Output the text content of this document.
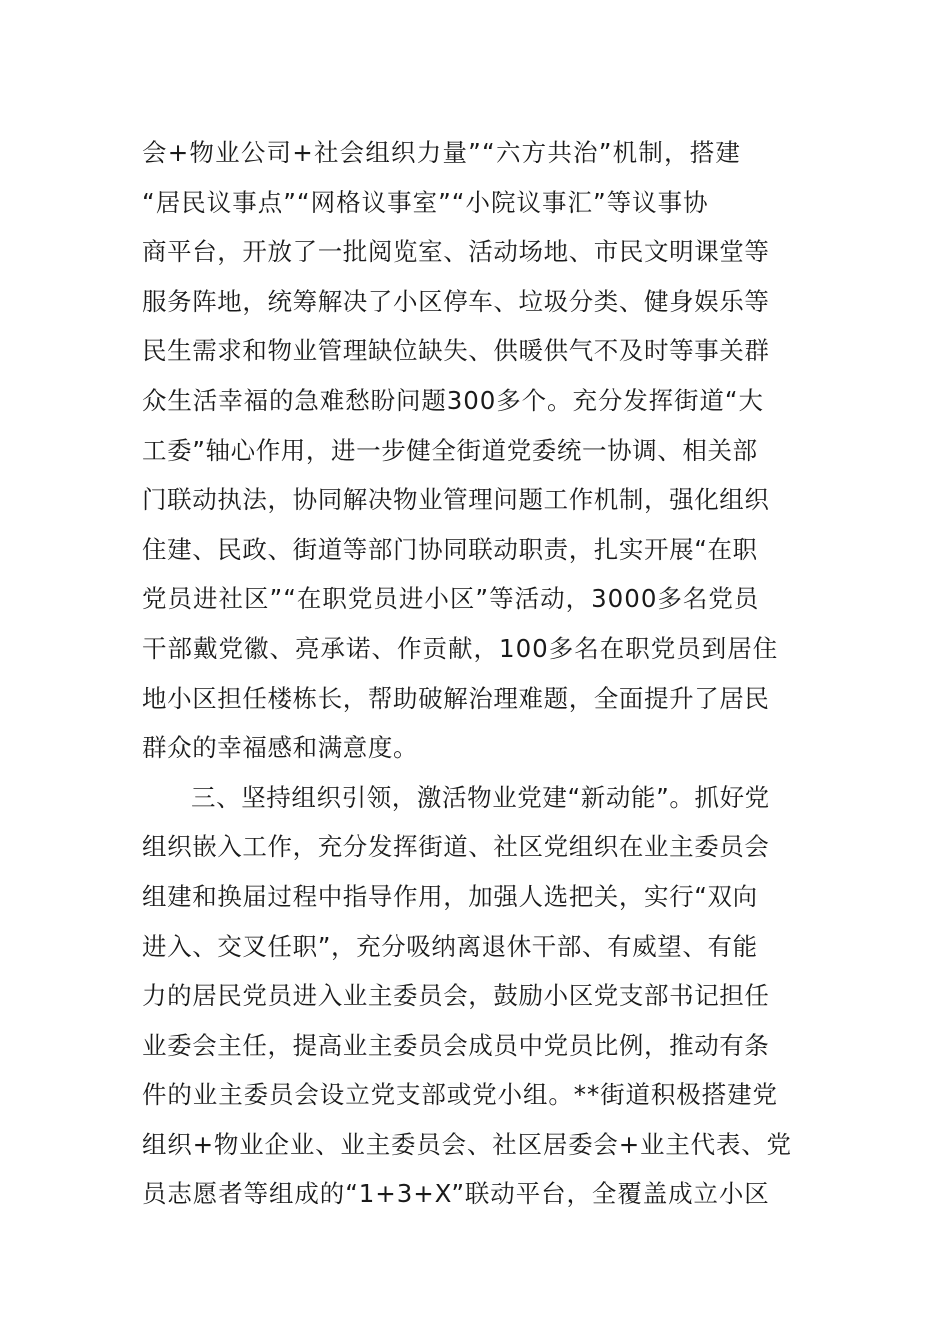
会+物业公司+社会组织力量”“六方共治”机制，搭建
“居民议事点”“网格议事室”“小院议事汇”等议事协
商平台，开放了一批阅览室、活动场地、市民文明课堂等
服务阵地，统筹解决了小区停车、垃圾分类、健身娱乐等
民生需求和物业管理缺位缺失、供暖供气不及时等事关群
众生活幸福的急难愁盼问题300多个。充分发挥街道“大
工委”轴心作用，进一步健全街道党委统一协调、相关部
门联动执法，协同解决物业管理问题工作机制，强化组织
住建、民政、街道等部门协同联动职责，扎实开展“在职
党员进社区”“在职党员进小区”等活动，3000多名党员
干部戴党徽、亮承诺、作贡献，100多名在职党员到居住
地小区担任楼栋长，帮助破解治理难题，全面提升了居民
群众的幸福感和满意度。
三、坚持组织引领，激活物业党建“新动能”。抓好党
组织嵌入工作，充分发挥街道、社区党组织在业主委员会
组建和换届过程中指导作用，加强人选把关，实行“双向
进入、交叉任职”，充分吸纳离退休干部、有威望、有能
力的居民党员进入业主委员会，鼓励小区党支部书记担任
业委会主任，提高业主委员会成员中党员比例，推动有条
件的业主委员会设立党支部或党小组。**街道积极搭建党
组织+物业企业、业主委员会、社区居委会+业主代表、党
员志愿者等组成的“1+3+X”联动平台，全覆盖成立小区
